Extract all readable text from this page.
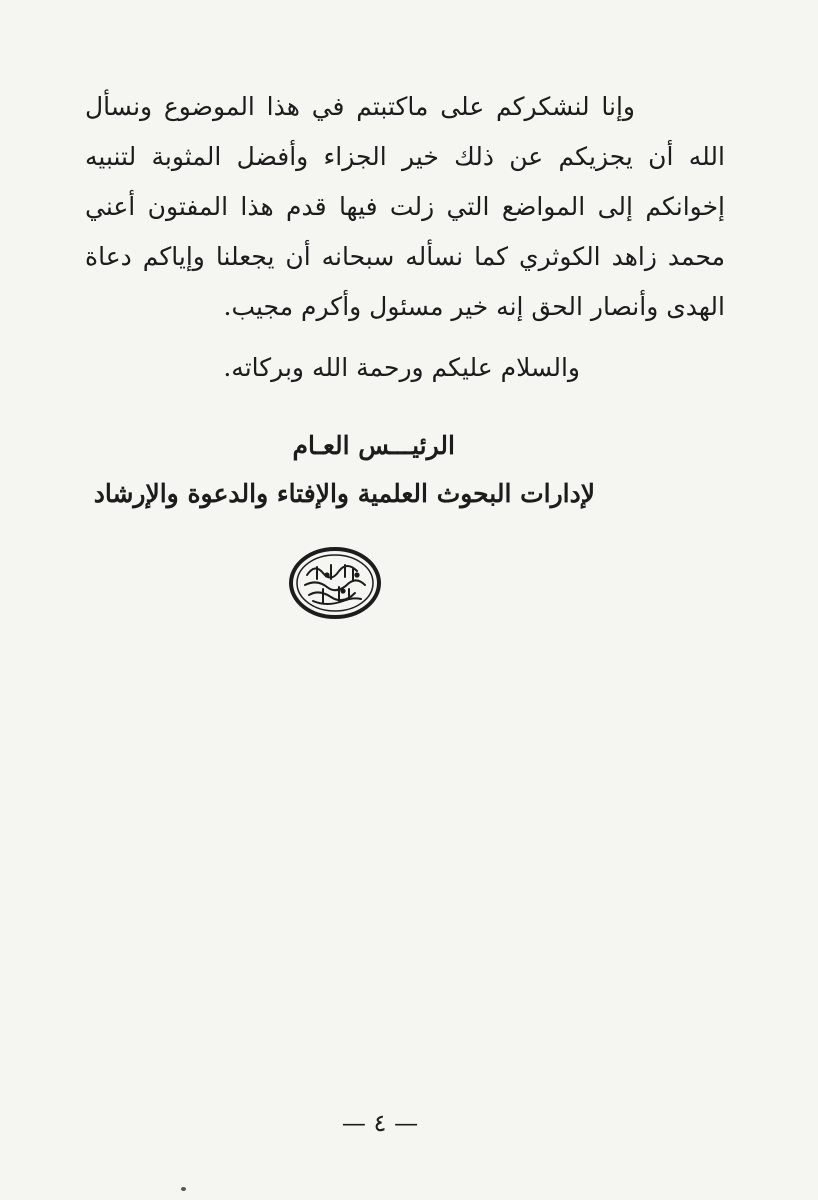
وإنا لنشكركم على ماكتبتم في هذا الموضوع ونسأل الله أن يجزيكم عن ذلك خير الجزاء وأفضل المثوبة لتنبيه إخوانكم إلى المواضع التي زلت فيها قدم هذا المفتون أعني محمد زاهد الكوثري كما نسأله سبحانه أن يجعلنا وإياكم دعاة الهدى وأنصار الحق إنه خير مسئول وأكرم مجيب.

والسلام عليكم ورحمة الله وبركاته.
الرئيـــس العـام
لإدارات البحوث العلمية والإفتاء والدعوة والإرشاد
— ٤ —
